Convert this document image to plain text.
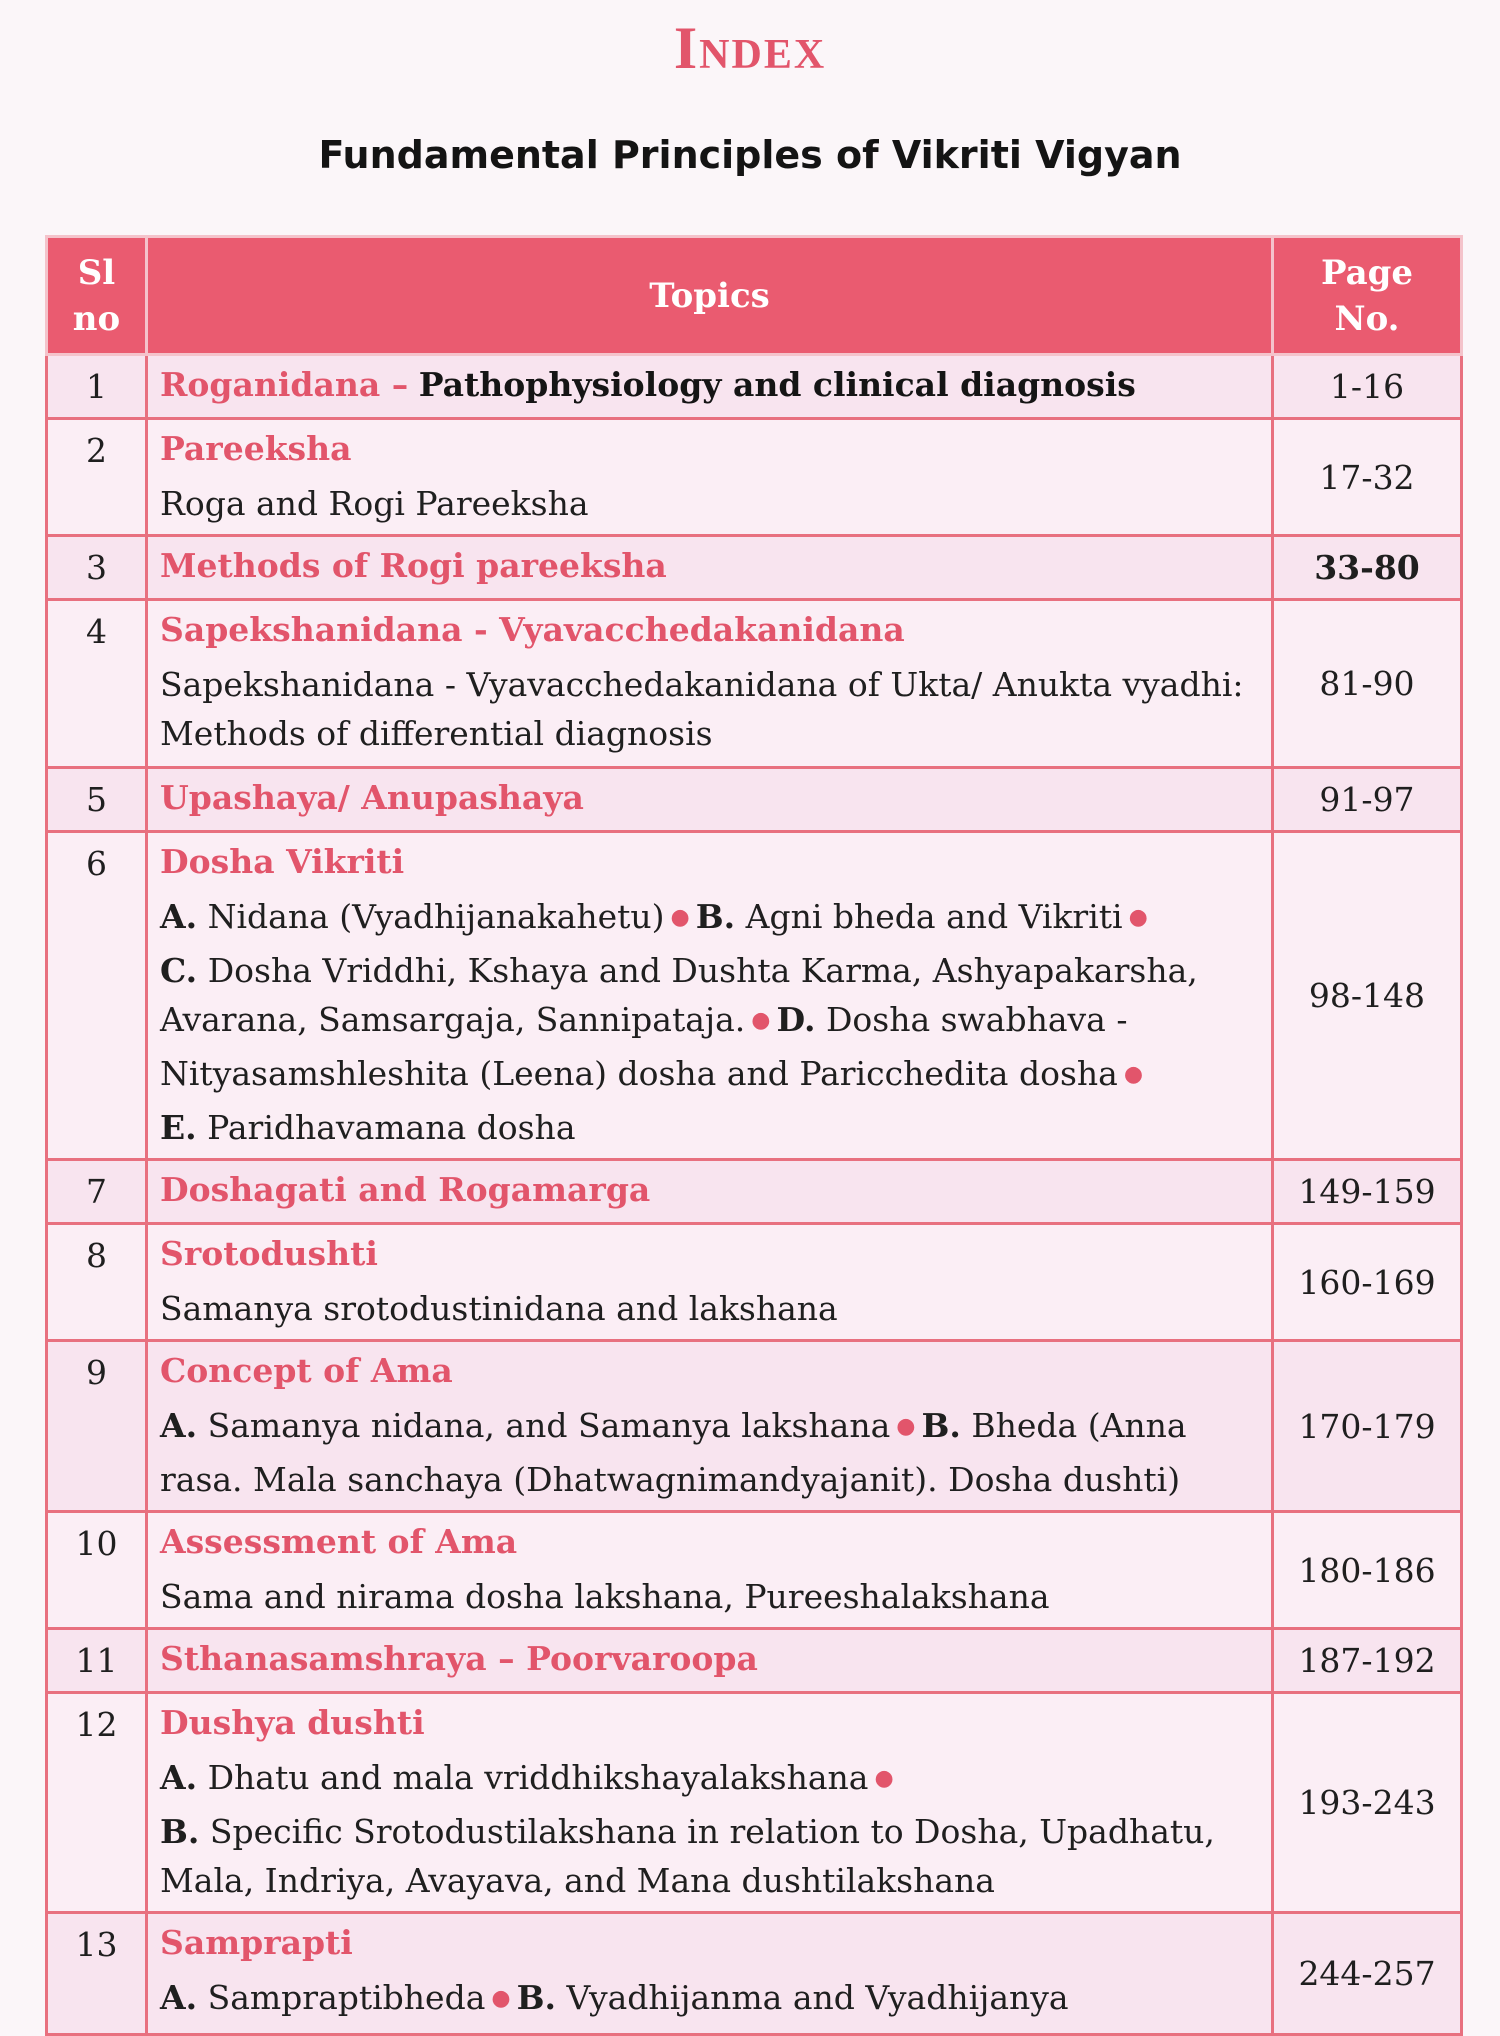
Index
Fundamental Principles of Vikriti Vigyan
Sl
no	Topics	Page
No.

1	Roganidana – Pathophysiology and clinical diagnosis	1-16
2	Pareeksha
Roga and Rogi Pareeksha	17-32
3	Methods of Rogi pareeksha	33-80
4	Sapekshanidana - Vyavacchedakanidana
Sapekshanidana - Vyavacchedakanidana of Ukta/ Anukta vyadhi: Methods of differential diagnosis	81-90
5	Upashaya/ Anupashaya	91-97
6	Dosha Vikriti
A. Nidana (Vyadhijanakahetu) ● B. Agni bheda and Vikriti ●
C. Dosha Vriddhi, Kshaya and Dushta Karma, Ashyapakarsha, Avarana, Samsargaja, Sannipataja. ● D. Dosha swabhava - Nityasamshleshita (Leena) dosha and Paricchedita dosha ●
E. Paridhavamana dosha	98-148
7	Doshagati and Rogamarga	149-159
8	Srotodushti
Samanya srotodustinidana and lakshana	160-169
9	Concept of Ama
A. Samanya nidana, and Samanya lakshana ● B. Bheda (Anna rasa. Mala sanchaya (Dhatwagnimandyajanit). Dosha dushti)	170-179
10	Assessment of Ama
Sama and nirama dosha lakshana, Pureeshalakshana	180-186
11	Sthanasamshraya – Poorvaroopa	187-192
12	Dushya dushti
A. Dhatu and mala vriddhikshayalakshana ●
B. Specific Srotodustilakshana in relation to Dosha, Upadhatu, Mala, Indriya, Avayava, and Mana dushtilakshana	193-243
13	Samprapti
A. Sampraptibheda ● B. Vyadhijanma and Vyadhijanya	244-257
